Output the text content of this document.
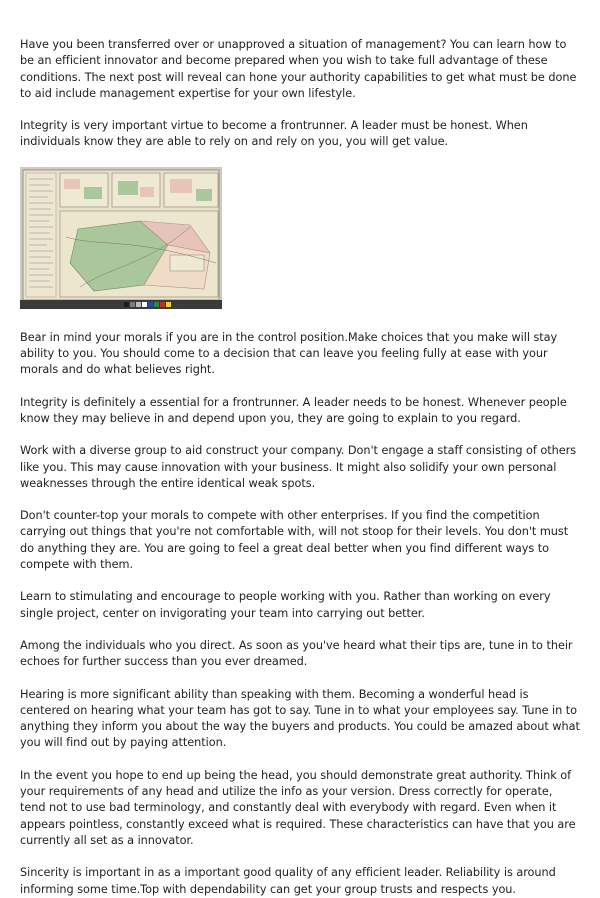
Have you been transferred over or unapproved a situation of management? You can learn how to be an efficient innovator and become prepared when you wish to take full advantage of these conditions. The next post will reveal can hone your authority capabilities to get what must be done to aid include management expertise for your own lifestyle.

Integrity is very important virtue to become a frontrunner. A leader must be honest. When individuals know they are able to rely on and rely on you, you will get value.

Bear in mind your morals if you are in the control position.Make choices that you make will stay ability to you. You should come to a decision that can leave you feeling fully at ease with your morals and do what believes right.

Integrity is definitely a essential for a frontrunner. A leader needs to be honest. Whenever people know they may believe in and depend upon you, they are going to explain to you regard.

Work with a diverse group to aid construct your company. Don't engage a staff consisting of others like you. This may cause innovation with your business. It might also solidify your own personal weaknesses through the entire identical weak spots.

Don't counter-top your morals to compete with other enterprises. If you find the competition carrying out things that you're not comfortable with, will not stoop for their levels. You don't must do anything they are. You are going to feel a great deal better when you find different ways to compete with them.

Learn to stimulating and encourage to people working with you. Rather than working on every single project, center on invigorating your team into carrying out better.

Among the individuals who you direct. As soon as you've heard what their tips are, tune in to their echoes for further success than you ever dreamed.

Hearing is more significant ability than speaking with them. Becoming a wonderful head is centered on hearing what your team has got to say. Tune in to what your employees say. Tune in to anything they inform you about the way the buyers and products. You could be amazed about what you will find out by paying attention.

In the event you hope to end up being the head, you should demonstrate great authority. Think of your requirements of any head and utilize the info as your version. Dress correctly for operate, tend not to use bad terminology, and constantly deal with everybody with regard. Even when it appears pointless, constantly exceed what is required. These characteristics can have that you are currently all set as a innovator.

Sincerity is important in as a important good quality of any efficient leader. Reliability is around informing some time.Top with dependability can get your group trusts and respects you.
